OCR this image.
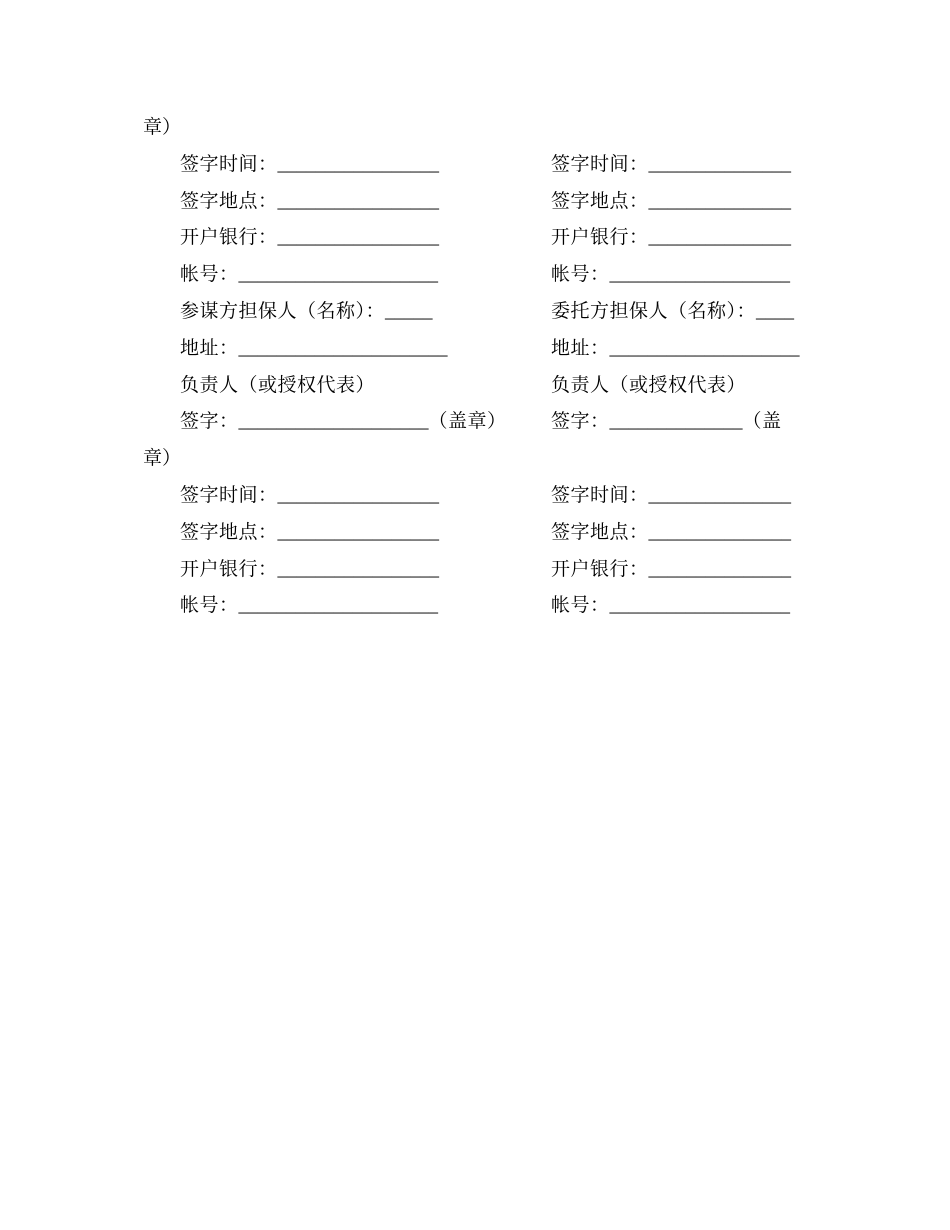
章）
签字时间：_________________	签字时间：_______________
签字地点：_________________	签字地点：_______________
开户银行：_________________	开户银行：_______________
帐号：_____________________	帐号：___________________
参谋方担保人（名称）：_____	委托方担保人（名称）：____
地址：______________________	地址：____________________
负责人（或授权代表）	负责人（或授权代表）
签字：____________________（盖章）	签字：______________（盖
章）
签字时间：_________________	签字时间：_______________
签字地点：_________________	签字地点：_______________
开户银行：_________________	开户银行：_______________
帐号：_____________________	帐号：___________________
